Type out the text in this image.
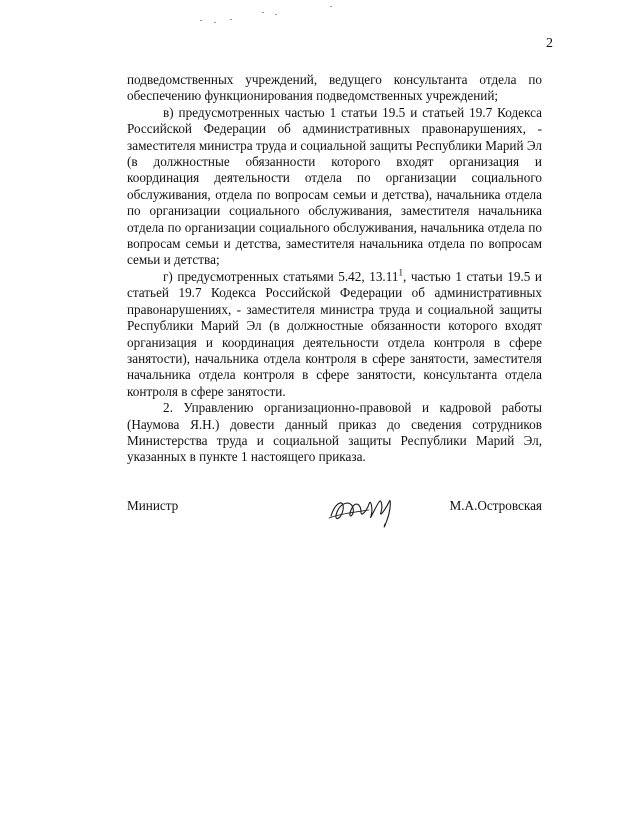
2

подведомственных учреждений, ведущего консультанта отдела по обеспечению функционирования подведомственных учреждений;

в) предусмотренных частью 1 статьи 19.5 и статьей 19.7 Кодекса Российской Федерации об административных правонарушениях, - заместителя министра труда и социальной защиты Республики Марий Эл (в должностные обязанности которого входят организация и координация деятельности отдела по организации социального обслуживания, отдела по вопросам семьи и детства), начальника отдела по организации социального обслуживания, заместителя начальника отдела по организации социального обслуживания, начальника отдела по вопросам семьи и детства, заместителя начальника отдела по вопросам семьи и детства;

г) предусмотренных статьями 5.42, 13.11$^1$, частью 1 статьи 19.5 и статьей 19.7 Кодекса Российской Федерации об административных правонарушениях, - заместителя министра труда и социальной защиты Республики Марий Эл (в должностные обязанности которого входят организация и координация деятельности отдела контроля в сфере занятости), начальника отдела контроля в сфере занятости, заместителя начальника отдела контроля в сфере занятости, консультанта отдела контроля в сфере занятости.

2. Управлению организационно-правовой и кадровой работы (Наумова Я.Н.) довести данный приказ до сведения сотрудников Министерства труда и социальной защиты Республики Марий Эл, указанных в пункте 1 настоящего приказа.

Министр	М.А.Островская
